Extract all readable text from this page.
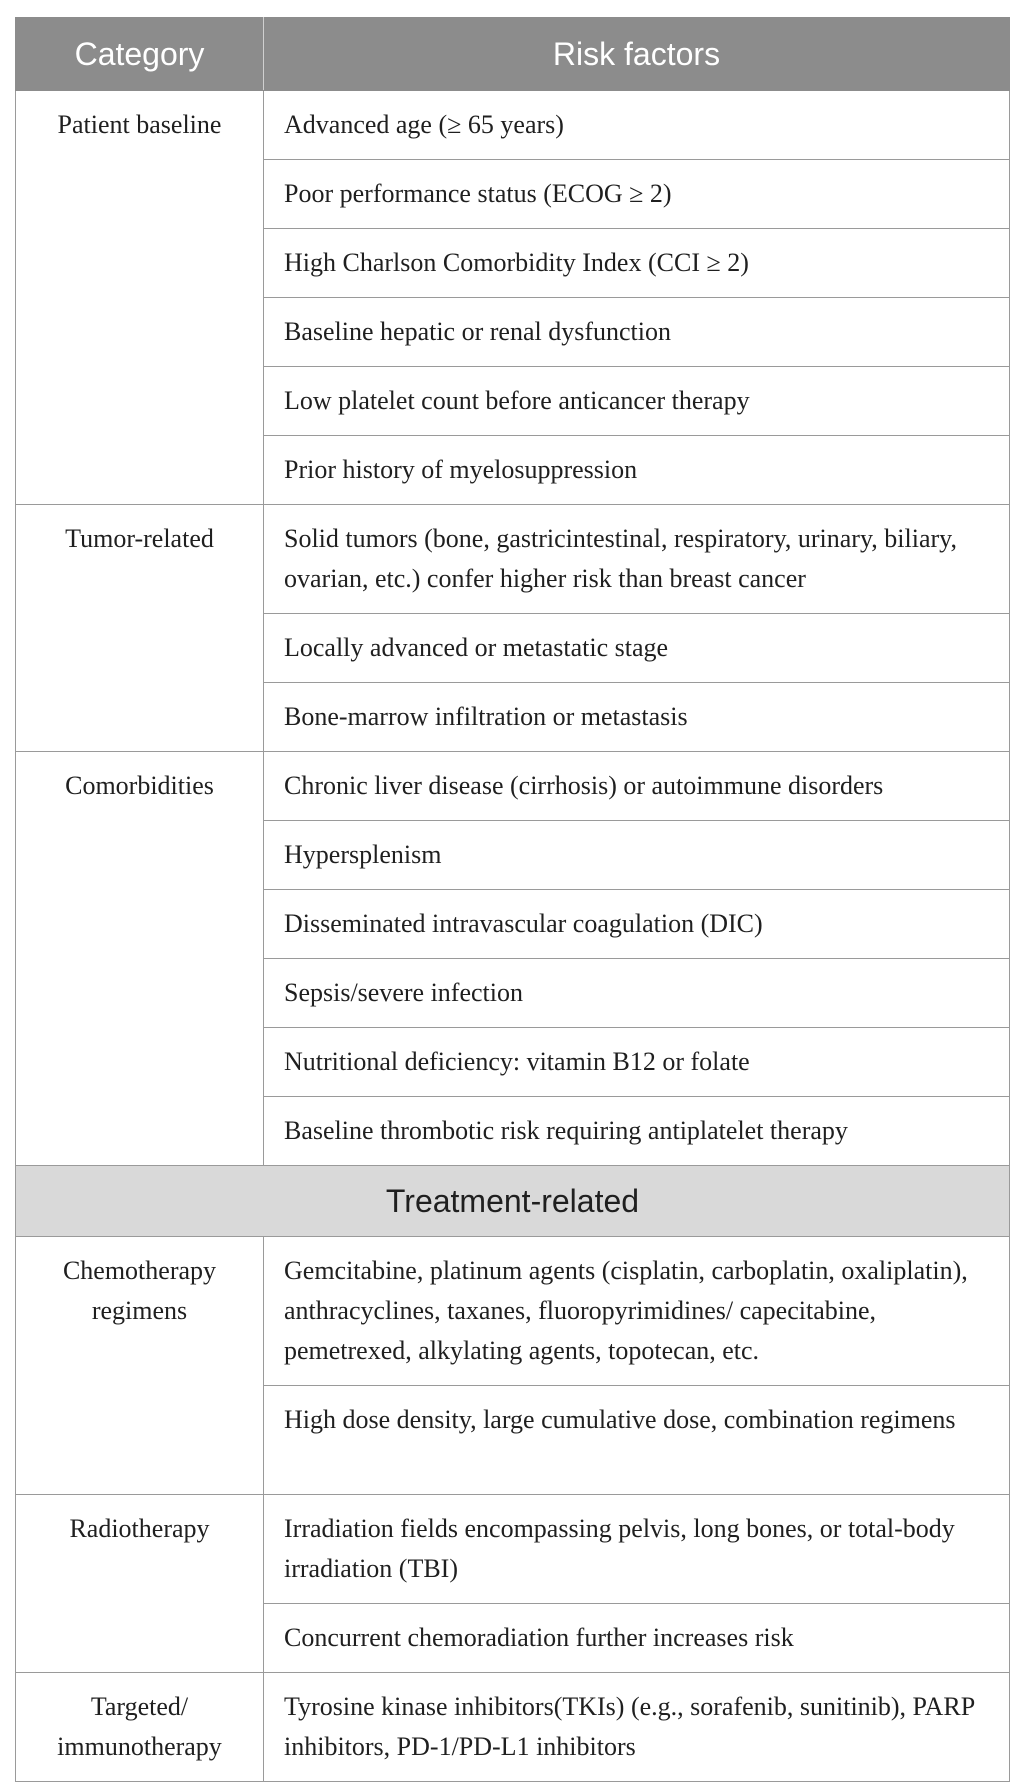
Category	Risk factors

Patient baseline	Advanced age (≥ 65 years)
	Poor performance status (ECOG ≥ 2)
	High Charlson Comorbidity Index (CCI ≥ 2)
	Baseline hepatic or renal dysfunction
	Low platelet count before anticancer therapy
	Prior history of myelosuppression

Tumor-related	Solid tumors (bone, gastricintestinal, respiratory, urinary, biliary, ovarian, etc.) confer higher risk than breast cancer
	Locally advanced or metastatic stage
	Bone-marrow infiltration or metastasis

Comorbidities	Chronic liver disease (cirrhosis) or autoimmune disorders
	Hypersplenism
	Disseminated intravascular coagulation (DIC)
	Sepsis/severe infection
	Nutritional deficiency: vitamin B12 or folate
	Baseline thrombotic risk requiring antiplatelet therapy
Treatment-related	

Chemotherapy
regimens	Gemcitabine, platinum agents (cisplatin, carboplatin, oxaliplatin), anthracyclines, taxanes, fluoropyrimidines/ capecitabine, pemetrexed, alkylating agents, topotecan, etc.
	High dose density, large cumulative dose, combination regimens

Radiotherapy	Irradiation fields encompassing pelvis, long bones, or total-body irradiation (TBI)
	Concurrent chemoradiation further increases risk

Targeted/
immunotherapy	Tyrosine kinase inhibitors(TKIs) (e.g., sorafenib, sunitinib), PARP inhibitors, PD-1/PD-L1 inhibitors
